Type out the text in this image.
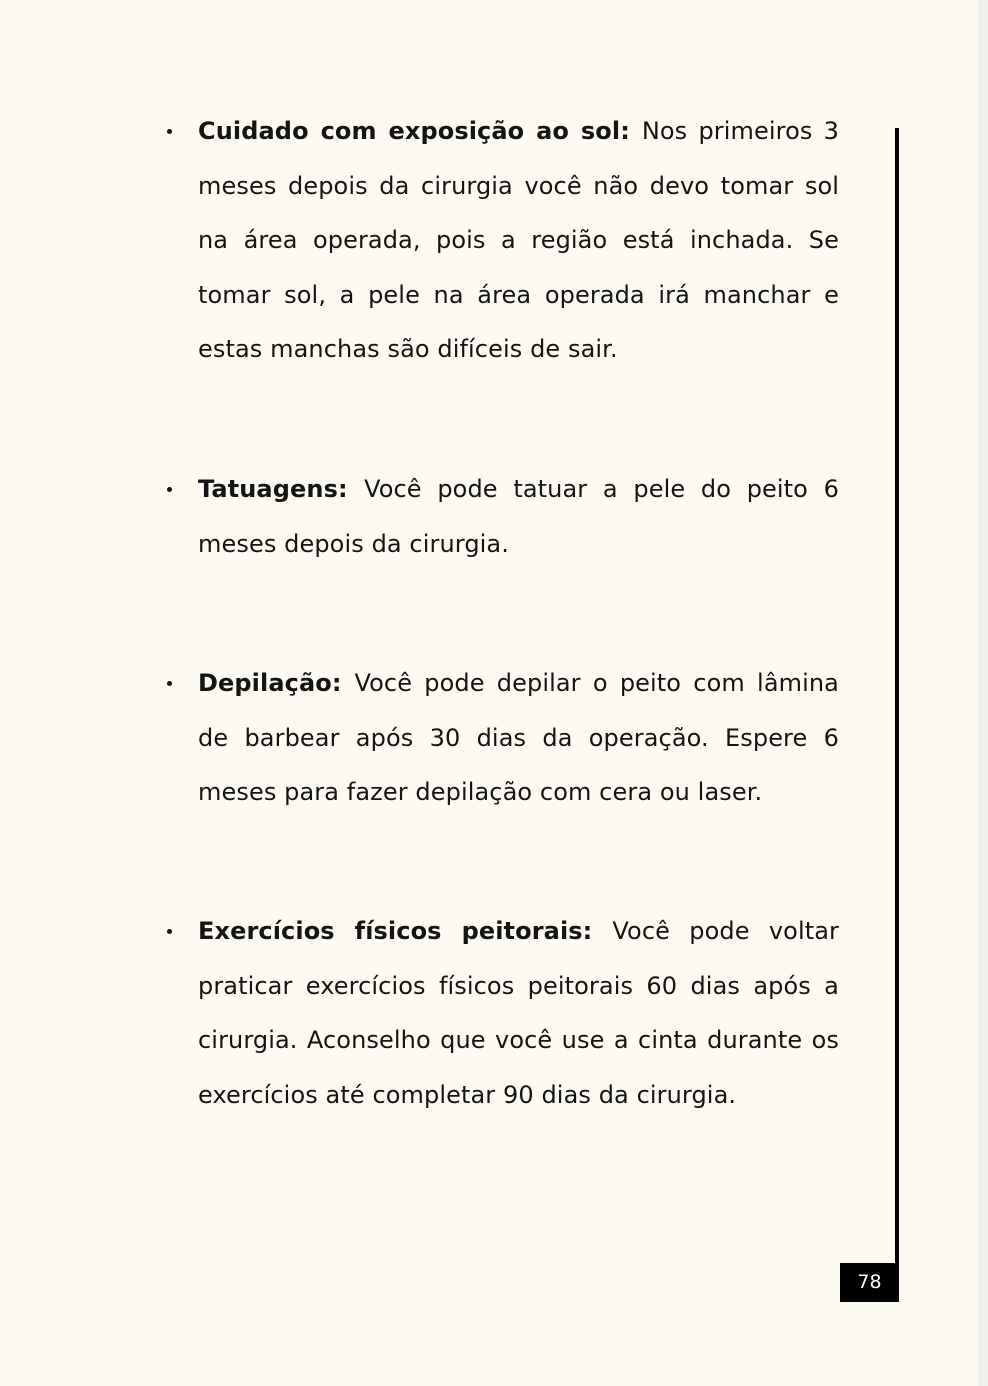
Cuidado com exposição ao sol: Nos primeiros 3 meses depois da cirurgia você não devo tomar sol na área operada, pois a região está inchada. Se tomar sol, a pele na área operada irá manchar e estas manchas são difíceis de sair.
Tatuagens: Você pode tatuar a pele do peito 6 meses depois da cirurgia.
Depilação: Você pode depilar o peito com lâmina de barbear após 30 dias da operação. Espere 6 meses para fazer depilação com cera ou laser.
Exercícios físicos peitorais: Você pode voltar praticar exercícios físicos peitorais 60 dias após a cirurgia. Aconselho que você use a cinta durante os exercícios até completar 90 dias da cirurgia.
78
